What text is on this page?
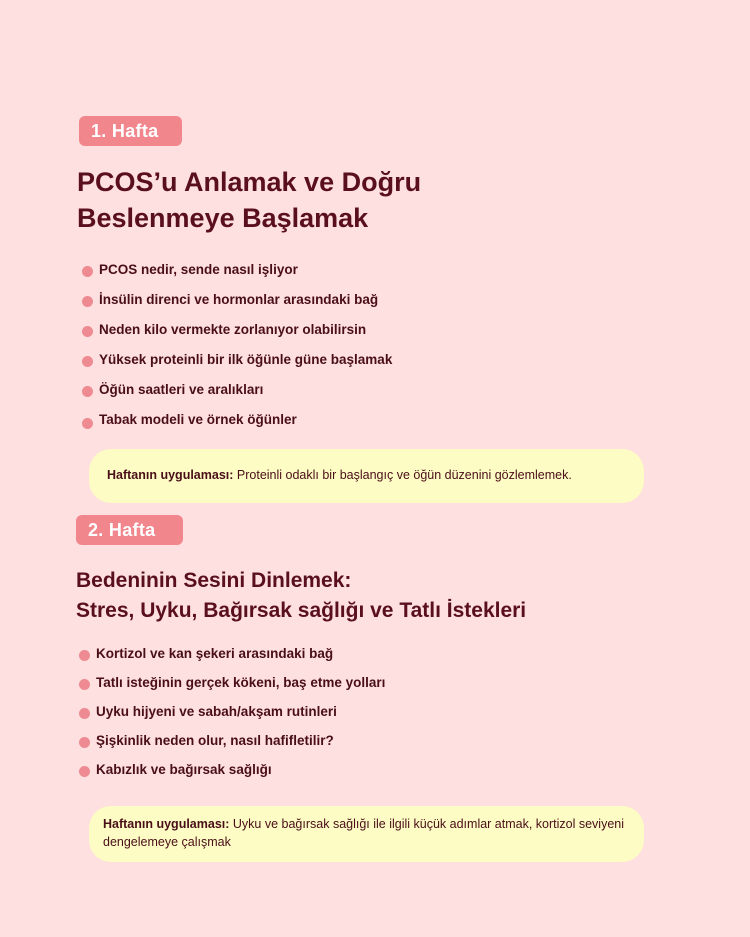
1. Hafta
PCOS’u Anlamak ve Doğru
Beslenmeye Başlamak
PCOS nedir, sende nasıl işliyor
İnsülin direnci ve hormonlar arasındaki bağ
Neden kilo vermekte zorlanıyor olabilirsin
Yüksek proteinli bir ilk öğünle güne başlamak
Öğün saatleri ve aralıkları
Tabak modeli ve örnek öğünler
Haftanın uygulaması: Proteinli odaklı bir başlangıç ve öğün düzenini gözlemlemek.
2. Hafta
Bedeninin Sesini Dinlemek:
Stres, Uyku, Bağırsak sağlığı ve Tatlı İstekleri
Kortizol ve kan şekeri arasındaki bağ
Tatlı isteğinin gerçek kökeni, baş etme yolları
Uyku hijyeni ve sabah/akşam rutinleri
Şişkinlik neden olur, nasıl hafifletilir?
Kabızlık ve bağırsak sağlığı
Haftanın uygulaması: Uyku ve bağırsak sağlığı ile ilgili küçük adımlar atmak, kortizol seviyeni dengelemeye çalışmak
